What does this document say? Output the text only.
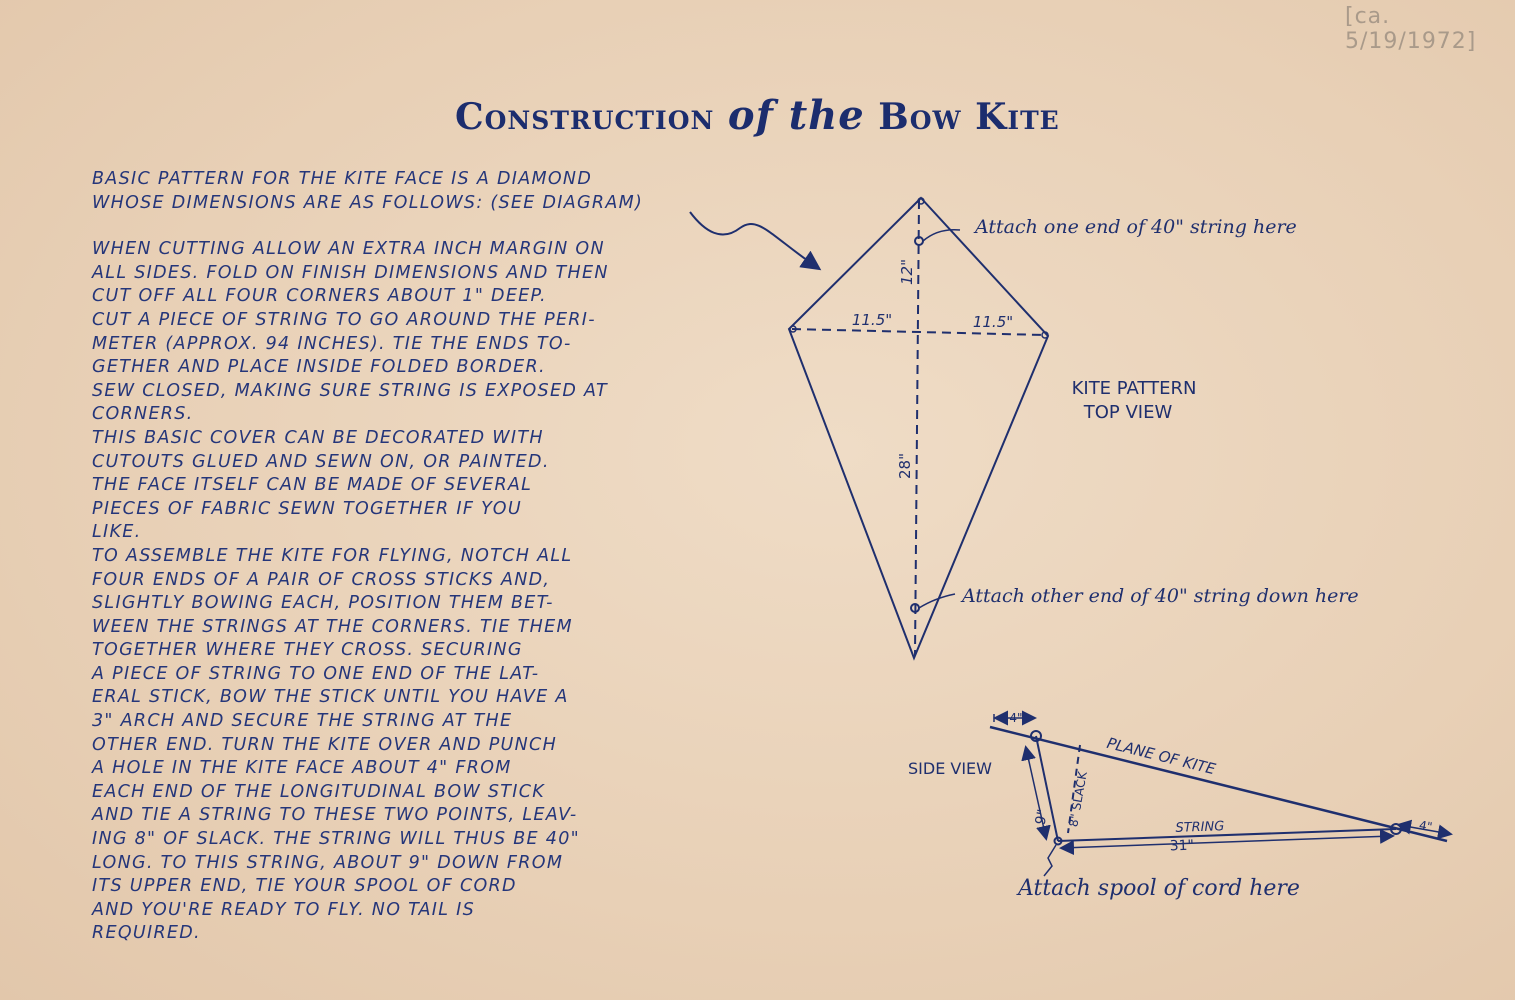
[ca. 5/19/1972]
Construction of the Bow Kite
BASIC PATTERN FOR THE KITE FACE IS A DIAMOND
WHOSE DIMENSIONS ARE AS FOLLOWS: (SEE DIAGRAM)
WHEN CUTTING ALLOW AN EXTRA INCH MARGIN ON
ALL SIDES. FOLD ON FINISH DIMENSIONS AND THEN
CUT OFF ALL FOUR CORNERS ABOUT 1" DEEP.
CUT A PIECE OF STRING TO GO AROUND THE PERI-
METER (APPROX. 94 INCHES). TIE THE ENDS TO-
GETHER AND PLACE INSIDE FOLDED BORDER.
SEW CLOSED, MAKING SURE STRING IS EXPOSED AT
CORNERS.
THIS BASIC COVER CAN BE DECORATED WITH
CUTOUTS GLUED AND SEWN ON, OR PAINTED.
THE FACE ITSELF CAN BE MADE OF SEVERAL
PIECES OF FABRIC SEWN TOGETHER IF YOU
LIKE.
TO ASSEMBLE THE KITE FOR FLYING, NOTCH ALL
FOUR ENDS OF A PAIR OF CROSS STICKS AND,
SLIGHTLY BOWING EACH, POSITION THEM BET-
WEEN THE STRINGS AT THE CORNERS. TIE THEM
TOGETHER WHERE THEY CROSS. SECURING
A PIECE OF STRING TO ONE END OF THE LAT-
ERAL STICK, BOW THE STICK UNTIL YOU HAVE A
3" ARCH AND SECURE THE STRING AT THE
OTHER END. TURN THE KITE OVER AND PUNCH
A HOLE IN THE KITE FACE ABOUT 4" FROM
EACH END OF THE LONGITUDINAL BOW STICK
AND TIE A STRING TO THESE TWO POINTS, LEAV-
ING 8" OF SLACK. THE STRING WILL THUS BE 40"
LONG. TO THIS STRING, ABOUT 9" DOWN FROM
ITS UPPER END, TIE YOUR SPOOL OF CORD
AND YOU'RE READY TO FLY. NO TAIL IS
REQUIRED.
12"
11.5"	11.5"
28"
Attach one end of 40" string here
Attach other end of 40" string down here
KITE PATTERN
TOP VIEW
SIDE VIEW	PLANE OF KITE
STRING
4"
4"
8" SLACK
9"
31"
Attach spool of cord here
